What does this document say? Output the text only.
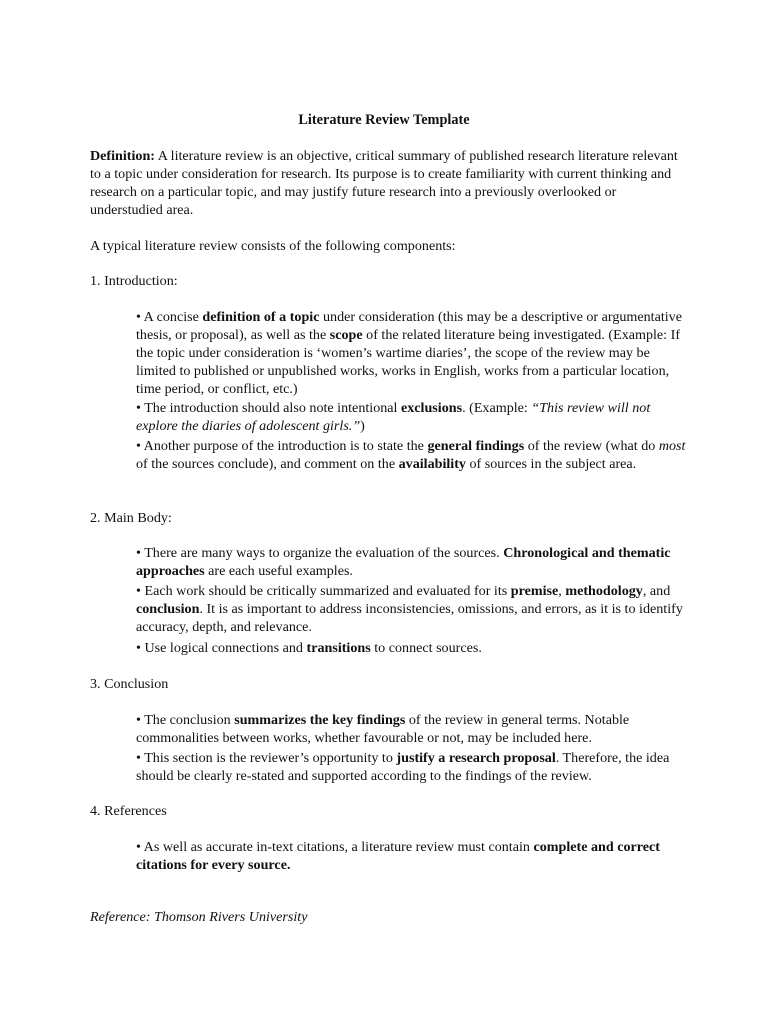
Literature Review Template

Definition: A literature review is an objective, critical summary of published research literature relevant to a topic under consideration for research. Its purpose is to create familiarity with current thinking and research on a particular topic, and may justify future research into a previously overlooked or understudied area.

A typical literature review consists of the following components:

1. Introduction:

• A concise definition of a topic under consideration (this may be a descriptive or argumentative thesis, or proposal), as well as the scope of the related literature being investigated. (Example: If the topic under consideration is ‘women’s wartime diaries’, the scope of the review may be limited to published or unpublished works, works in English, works from a particular location, time period, or conflict, etc.)

• The introduction should also note intentional exclusions. (Example: “This review will not explore the diaries of adolescent girls.”)

• Another purpose of the introduction is to state the general findings of the review (what do most of the sources conclude), and comment on the availability of sources in the subject area.

2. Main Body:

• There are many ways to organize the evaluation of the sources. Chronological and thematic approaches are each useful examples.

• Each work should be critically summarized and evaluated for its premise, methodology, and conclusion. It is as important to address inconsistencies, omissions, and errors, as it is to identify accuracy, depth, and relevance.

• Use logical connections and transitions to connect sources.

3. Conclusion

• The conclusion summarizes the key findings of the review in general terms. Notable commonalities between works, whether favourable or not, may be included here.

• This section is the reviewer’s opportunity to justify a research proposal. Therefore, the idea should be clearly re-stated and supported according to the findings of the review.

4. References

• As well as accurate in-text citations, a literature review must contain complete and correct citations for every source.

Reference: Thomson Rivers University
